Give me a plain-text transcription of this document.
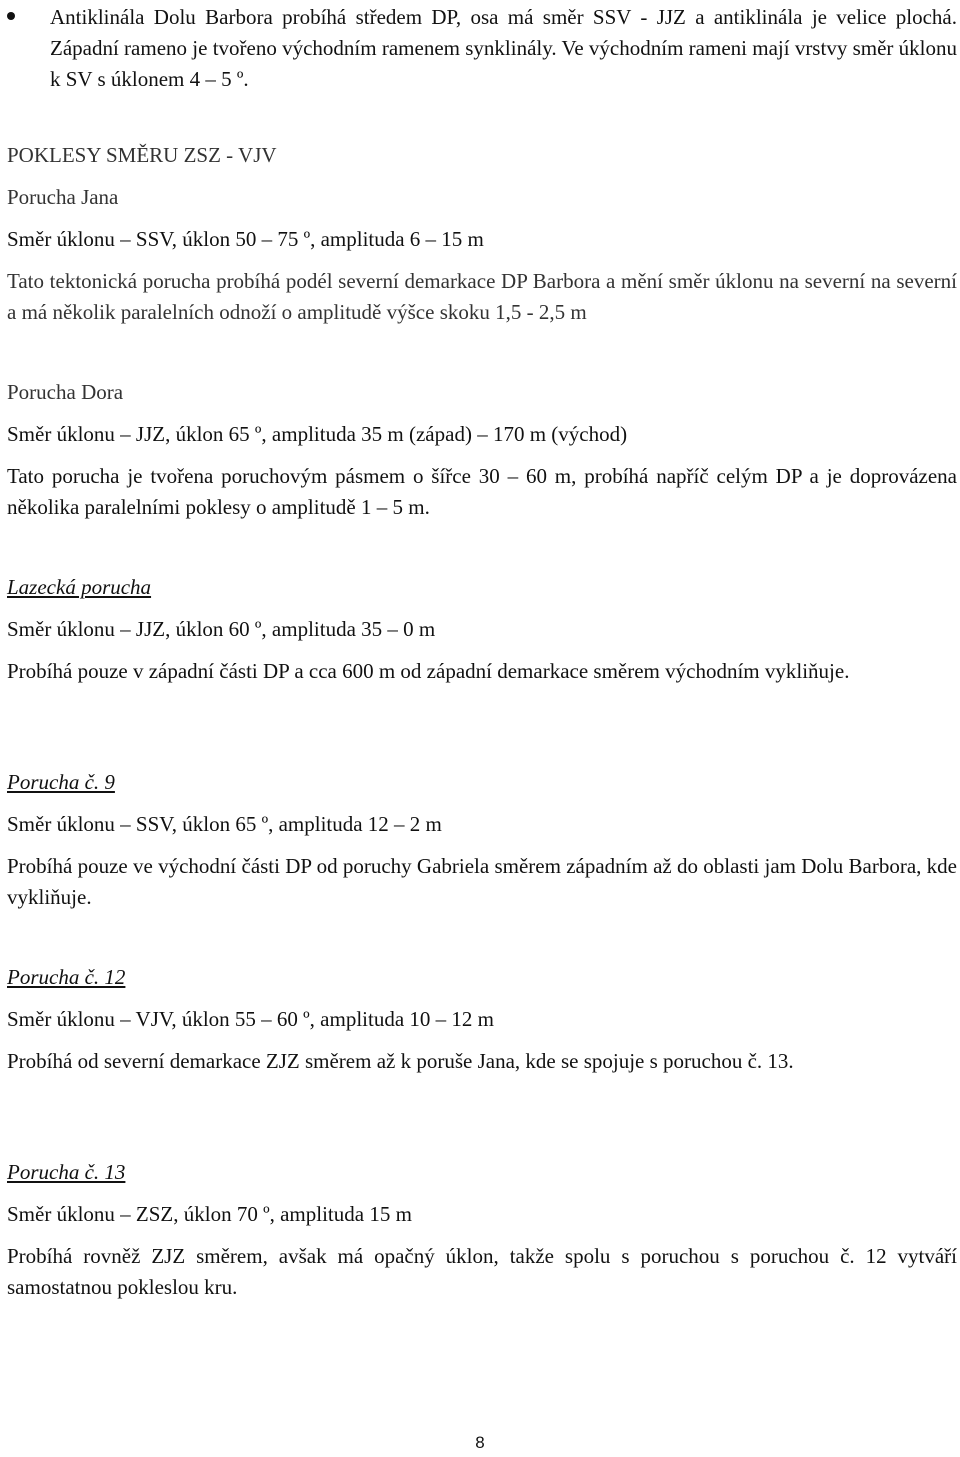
Antiklinála Dolu Barbora probíhá středem DP, osa má směr SSV - JJZ a antiklinála je velice plochá. Západní rameno je tvořeno východním ramenem synklinály. Ve východním rameni mají vrstvy směr úklonu k SV s úklonem 4 – 5 º.

POKLESY SMĚRU ZSZ - VJV
Porucha Jana
Směr úklonu – SSV, úklon 50 – 75 º, amplituda 6 – 15 m
Tato tektonická porucha probíhá podél severní demarkace DP Barbora a mění směr úklonu na severní na severní a má několik paralelních odnoží o amplitudě výšce skoku 1,5 - 2,5 m
Porucha Dora
Směr úklonu – JJZ, úklon 65 º, amplituda 35 m (západ) – 170 m (východ)
Tato porucha je tvořena poruchovým pásmem o šířce 30 – 60 m, probíhá napříč celým DP a je doprovázena několika paralelními poklesy o amplitudě 1 – 5 m.
Lazecká porucha
Směr úklonu – JJZ, úklon 60 º, amplituda 35 – 0 m
Probíhá pouze v západní části DP a cca 600 m od západní demarkace směrem východním vykliňuje.
Porucha č. 9
Směr úklonu – SSV, úklon 65 º, amplituda 12 – 2 m
Probíhá pouze ve východní části DP od poruchy Gabriela směrem západním až do oblasti jam Dolu Barbora, kde vykliňuje.
Porucha č. 12
Směr úklonu – VJV, úklon 55 – 60 º, amplituda 10 – 12 m
Probíhá od severní demarkace ZJZ směrem až k poruše Jana, kde se spojuje s poruchou č. 13.
Porucha č. 13
Směr úklonu – ZSZ, úklon 70 º, amplituda 15 m
Probíhá rovněž ZJZ směrem, avšak má opačný úklon, takže spolu s poruchou s poruchou č. 12 vytváří samostatnou pokleslou kru.
8
